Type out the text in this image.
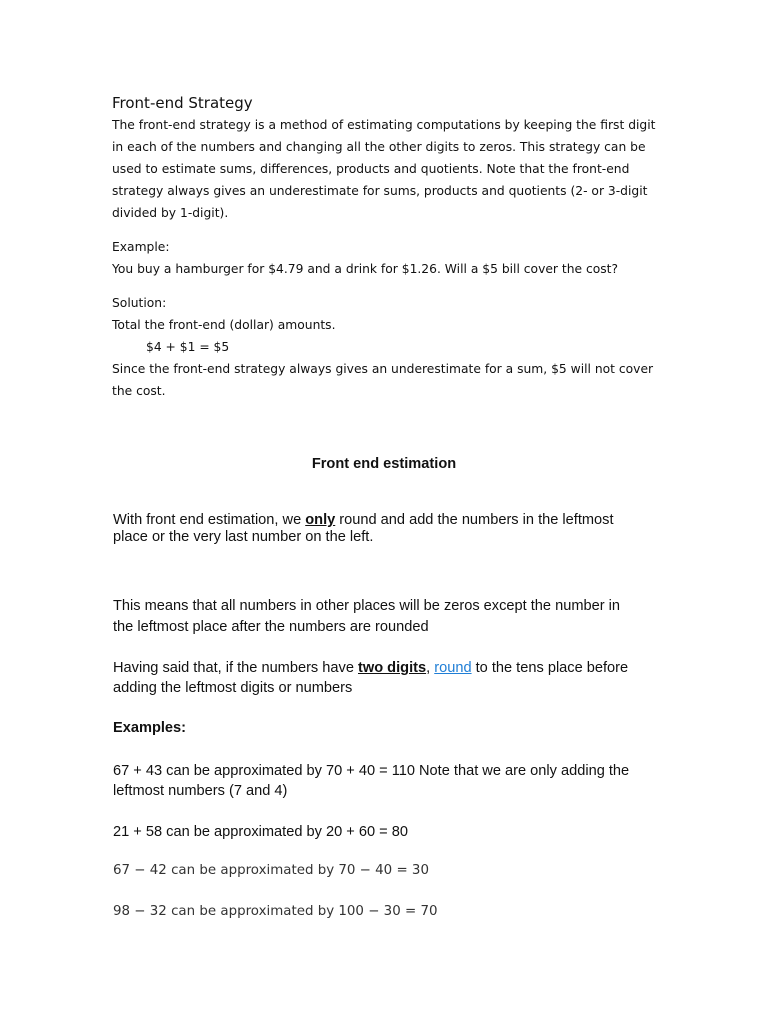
Front-end Strategy
The front-end strategy is a method of estimating computations by keeping the first digit
in each of the numbers and changing all the other digits to zeros. This strategy can be
used to estimate sums, differences, products and quotients. Note that the front-end
strategy always gives an underestimate for sums, products and quotients (2- or 3-digit
divided by 1-digit).
Example:
You buy a hamburger for $4.79 and a drink for $1.26. Will a $5 bill cover the cost?
Solution:
Total the front-end (dollar) amounts.
$4 + $1 = $5
Since the front-end strategy always gives an underestimate for a sum, $5 will not cover
the cost.
Front end estimation
With front end estimation, we only round and add the numbers in the leftmost
place or the very last number on the left.
This means that all numbers in other places will be zeros except the number in
the leftmost place after the numbers are rounded
Having said that, if the numbers have two digits, round to the tens place before
adding the leftmost digits or numbers
Examples:
67 + 43 can be approximated by 70 + 40 = 110 Note that we are only adding the
leftmost numbers (7 and 4)
21 + 58 can be approximated by 20 + 60 = 80
67 − 42 can be approximated by 70 − 40 = 30
98 − 32 can be approximated by 100 − 30 = 70
